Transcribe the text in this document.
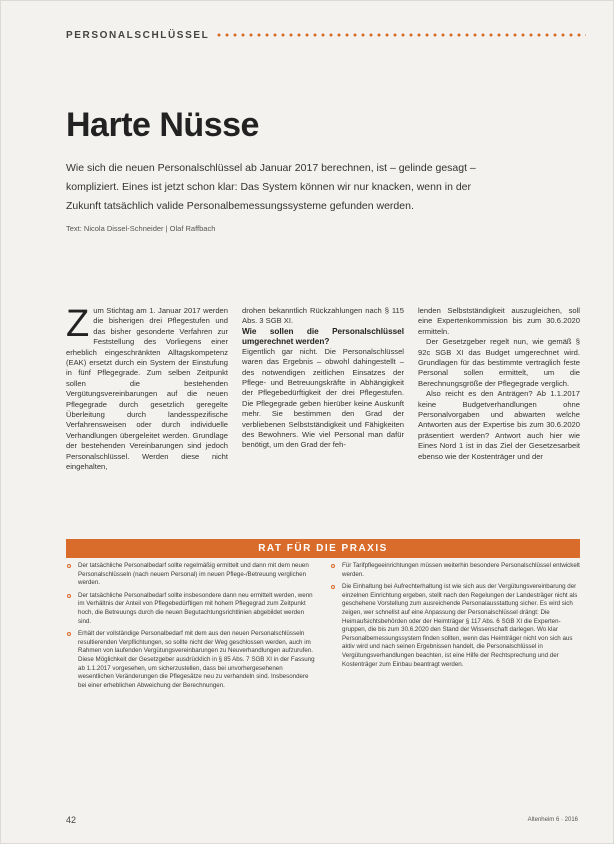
PERSONALSCHLÜSSEL
Harte Nüsse

Wie sich die neuen Personalschlüssel ab Januar 2017 berechnen, ist – gelinde gesagt – kompliziert. Eines ist jetzt schon klar: Das System können wir nur knacken, wenn in der Zukunft tatsächlich valide Personalbemessungssysteme gefunden werden.

Text: Nicola Dissel-Schneider | Olaf Raffbach

Zum Stichtag am 1. Januar 2017 werden die bisherigen drei Pflegestufen und das bisher gesonderte Verfahren zur Feststellung des Vorliegens einer erheblich eingeschränkten Alltagskompetenz (EAK) ersetzt durch ein System der Einstufung in fünf Pflegegrade. Zum selben Zeitpunkt sollen die bestehenden Vergütungsvereinbarungen auf die neuen Pflegegrade durch gesetzlich geregelte Überleitung durch landesspezifische Verfahrensweisen oder durch individuelle Verhandlungen übergeleitet werden. Grundlage der bestehenden Vereinbarungen sind jedoch Personalschlüssel. Werden diese nicht eingehalten,

drohen bekanntlich Rückzahlungen nach § 115 Abs. 3 SGB XI.

Wie sollen die Personalschlüssel umgerechnet werden?

Eigentlich gar nicht. Die Personalschlüssel waren das Ergebnis – obwohl dahingestellt – des notwendigen zeitlichen Einsatzes der Pflege- und Betreuungskräfte in Abhängigkeit der Pflegebedürftigkeit der drei Pflegestufen. Die Pflegegrade geben hierüber keine Auskunft mehr. Sie bestimmen den Grad der verbliebenen Selbstständigkeit und Fähigkeiten des Bewohners. Wie viel Personal man dafür benötigt, um den Grad der feh-

lenden Selbstständigkeit auszugleichen, soll eine Expertenkommission bis zum 30.6.2020 ermitteln.

Der Gesetzgeber regelt nun, wie gemäß § 92c SGB XI das Budget umgerechnet wird. Grundlagen für das bestimmte vertraglich feste Personal sollen ermittelt, um die Berechnungsgröße der Pflegegrade verglich.

Also reicht es den Anträgen? Ab 1.1.2017 keine Budgetverhandlungen ohne Personalvorgaben und abwarten welche Antworten aus der Expertise bis zum 30.6.2020 präsentiert werden? Antwort auch hier wie Eines Nord 1 ist in das Ziel der Gesetzesarbeit ebenso wie der Kostenträger und der

RAT FÜR DIE PRAXIS
Der tatsächliche Personalbedarf sollte regelmäßig ermittelt und dann mit dem neuen Personalschlüsseln (nach neuem Personal) im neuen Pflege-/Betreuung verglichen werden.
Der tatsächliche Personalbedarf sollte insbesondere dann neu ermittelt werden, wenn im Verhältnis der Anteil von Pflegebedürftigen mit hohem Pflegegrad zum Zeitpunkt hoch, die Betreuungs durch die neuen Begutachtungsrichtlinien abgebildet werden sind.
Erhält der vollständige Personalbedarf mit dem aus den neuen Personalschlüsseln resultierenden Verpflichtungen, so sollte nicht der Weg geschlossen werden, auch im Rahmen von laufenden Vergütungsvereinbarungen zu Neuverhandlungen aufzurufen. Diese Möglichkeit der Gesetzgeber ausdrücklich in § 85 Abs. 7 SGB XI in der Fassung ab 1.1.2017 vorgesehen, um sicherzustellen, dass bei unvorhergesehenen wesentlichen Veränderungen die Pflegesätze neu zu verhandeln sind. Insbesondere bei einer erheblichen Abweichung der Berechnungen.
Für Tarifpflegeeinrichtungen müssen weiterhin besondere Personalschlüssel entwickelt werden.
Die Einhaltung bei Aufrechterhaltung ist wie sich aus der Vergütungsvereinbarung der einzelnen Einrichtung ergeben, stellt nach den Regelungen der Landesträger nicht als geschehene Vorstellung zum ausreichende Personalausstattung sicher. Es wird sich zeigen, wer schnellst auf eine Anpassung der Personalschlüssel drängt: Die Heimaufsichtsbehörden oder der Heimträger § 117 Abs. 6 SGB XI die Experten-gruppen, die bis zum 30.6.2020 den Stand der Wissenschaft darlegen. Wo klar Personalbemessungssystem finden sollten, wenn das Heimträger nicht von sich aus aktiv wird und nach seinen Ergebnissen handelt, die Personalschlüssel in Vergütungsverhandlungen beachten, ist eine Hilfe der Rechtsprechung und der Kostenträger zum Einbau beantragt werden.
42	Altenheim 6 · 2016
